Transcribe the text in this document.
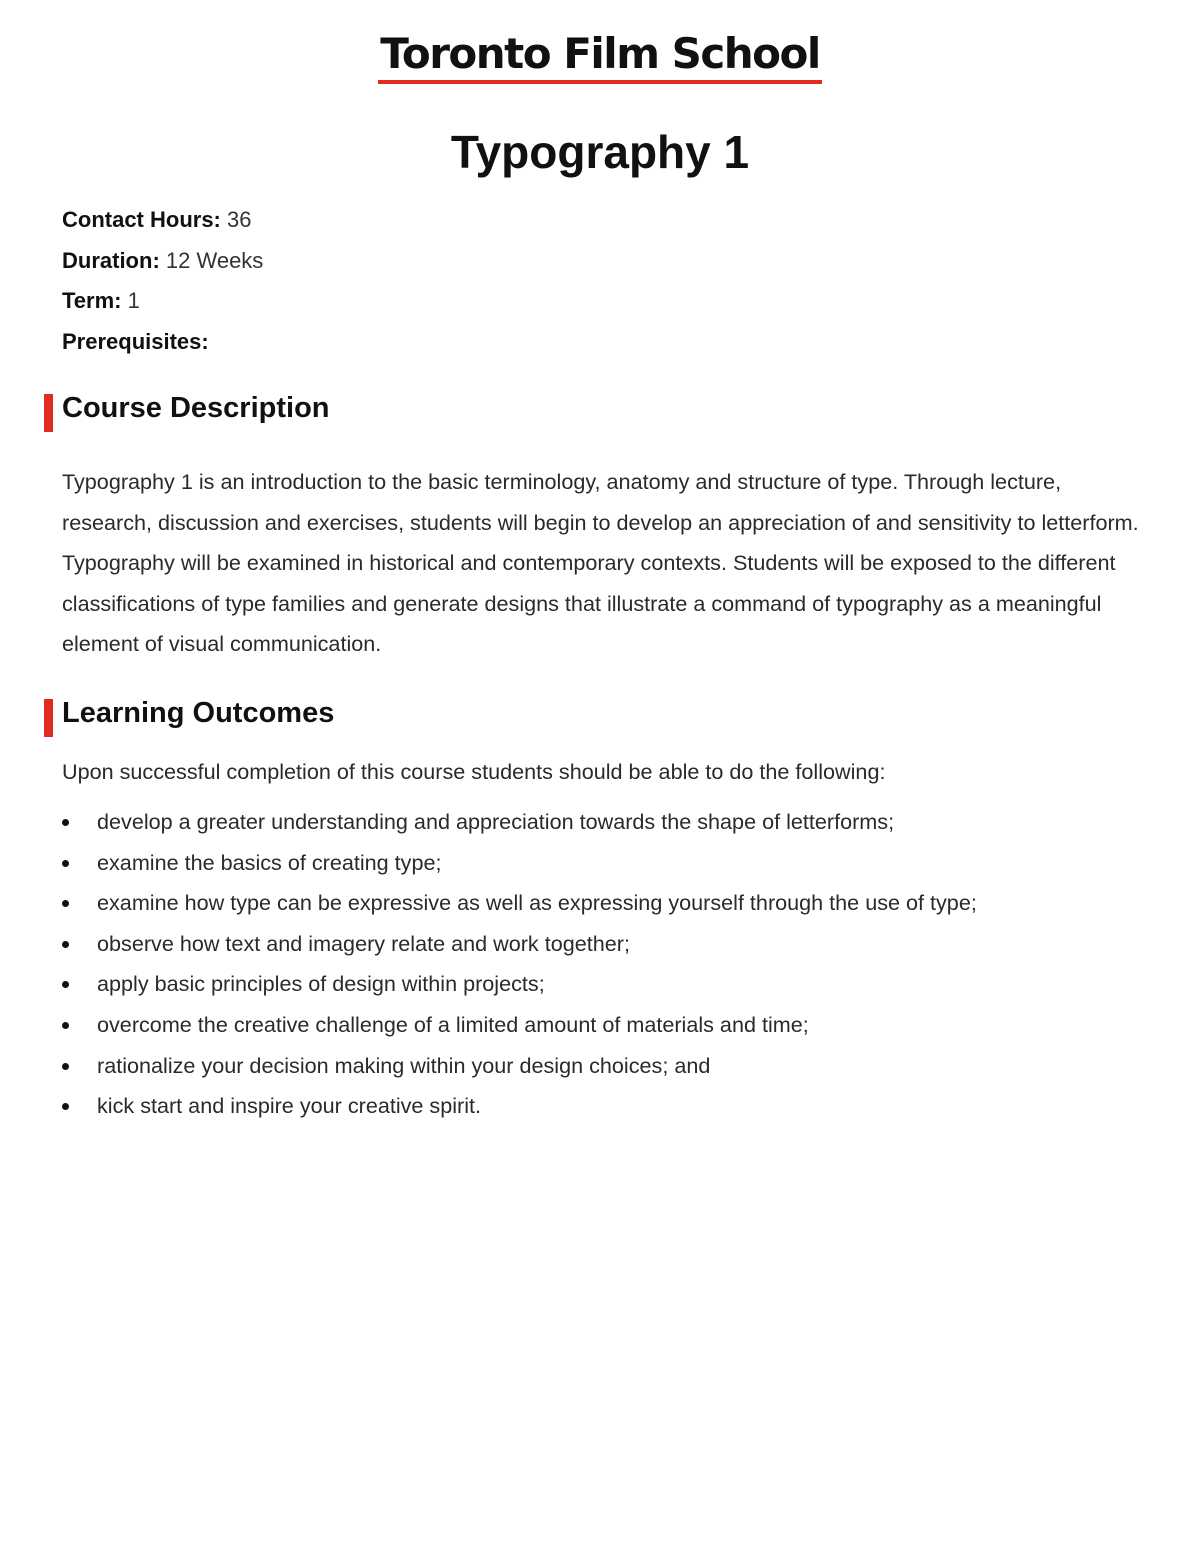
Toronto Film School
Typography 1
Contact Hours: 36
Duration: 12 Weeks
Term: 1
Prerequisites:
Course Description

Typography 1 is an introduction to the basic terminology, anatomy and structure of type. Through lecture, research, discussion and exercises, students will begin to develop an appreciation of and sensitivity to letterform. Typography will be examined in historical and contemporary contexts. Students will be exposed to the different classifications of type families and generate designs that illustrate a command of typography as a meaningful element of visual communication.

Learning Outcomes

Upon successful completion of this course students should be able to do the following:

develop a greater understanding and appreciation towards the shape of letterforms;
examine the basics of creating type;
examine how type can be expressive as well as expressing yourself through the use of type;
observe how text and imagery relate and work together;
apply basic principles of design within projects;
overcome the creative challenge of a limited amount of materials and time;
rationalize your decision making within your design choices; and
kick start and inspire your creative spirit.
